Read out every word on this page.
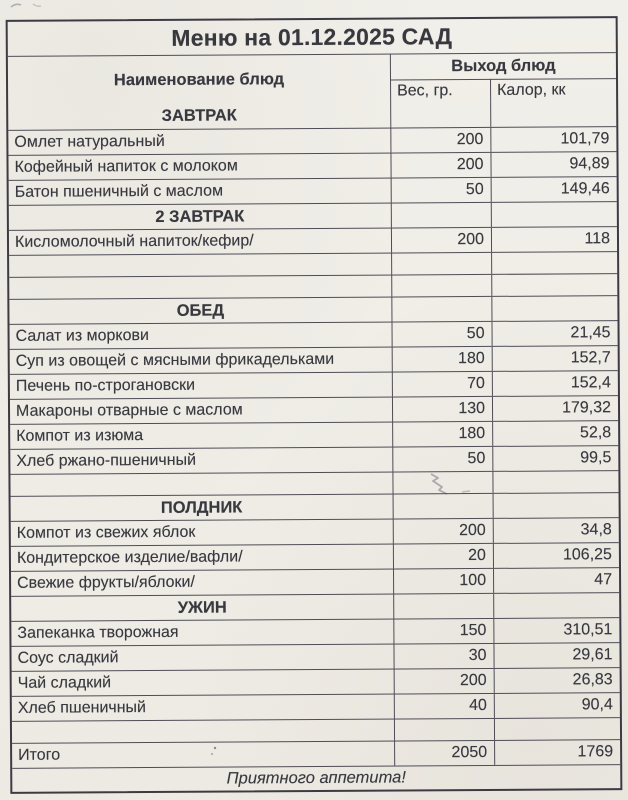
Меню на 01.12.2025 САД
Наименование блюд
Выход блюд
Вес, гр.	Калор, кк
ЗАВТРАК
Омлет натуральный	200	101,79
Кофейный напиток с молоком	200	94,89
Батон пшеничный с маслом	50	149,46
2 ЗАВТРАК
Кисломолочный напиток/кефир/	200	118
ОБЕД
Салат из моркови	50	21,45
Суп из овощей с мясными фрикадельками	180	152,7
Печень по-строгановски	70	152,4
Макароны отварные с маслом	130	179,32
Компот из изюма	180	52,8
Хлеб ржано-пшеничный	50	99,5
ПОЛДНИК
Компот из свежих яблок	200	34,8
Кондитерское изделие/вафли/	20	106,25
Свежие фрукты/яблоки/	100	47
УЖИН
Запеканка творожная	150	310,51
Соус сладкий	30	29,61
Чай сладкий	200	26,83
Хлеб пшеничный	40	90,4
Итого	2050	1769
Приятного аппетита!
